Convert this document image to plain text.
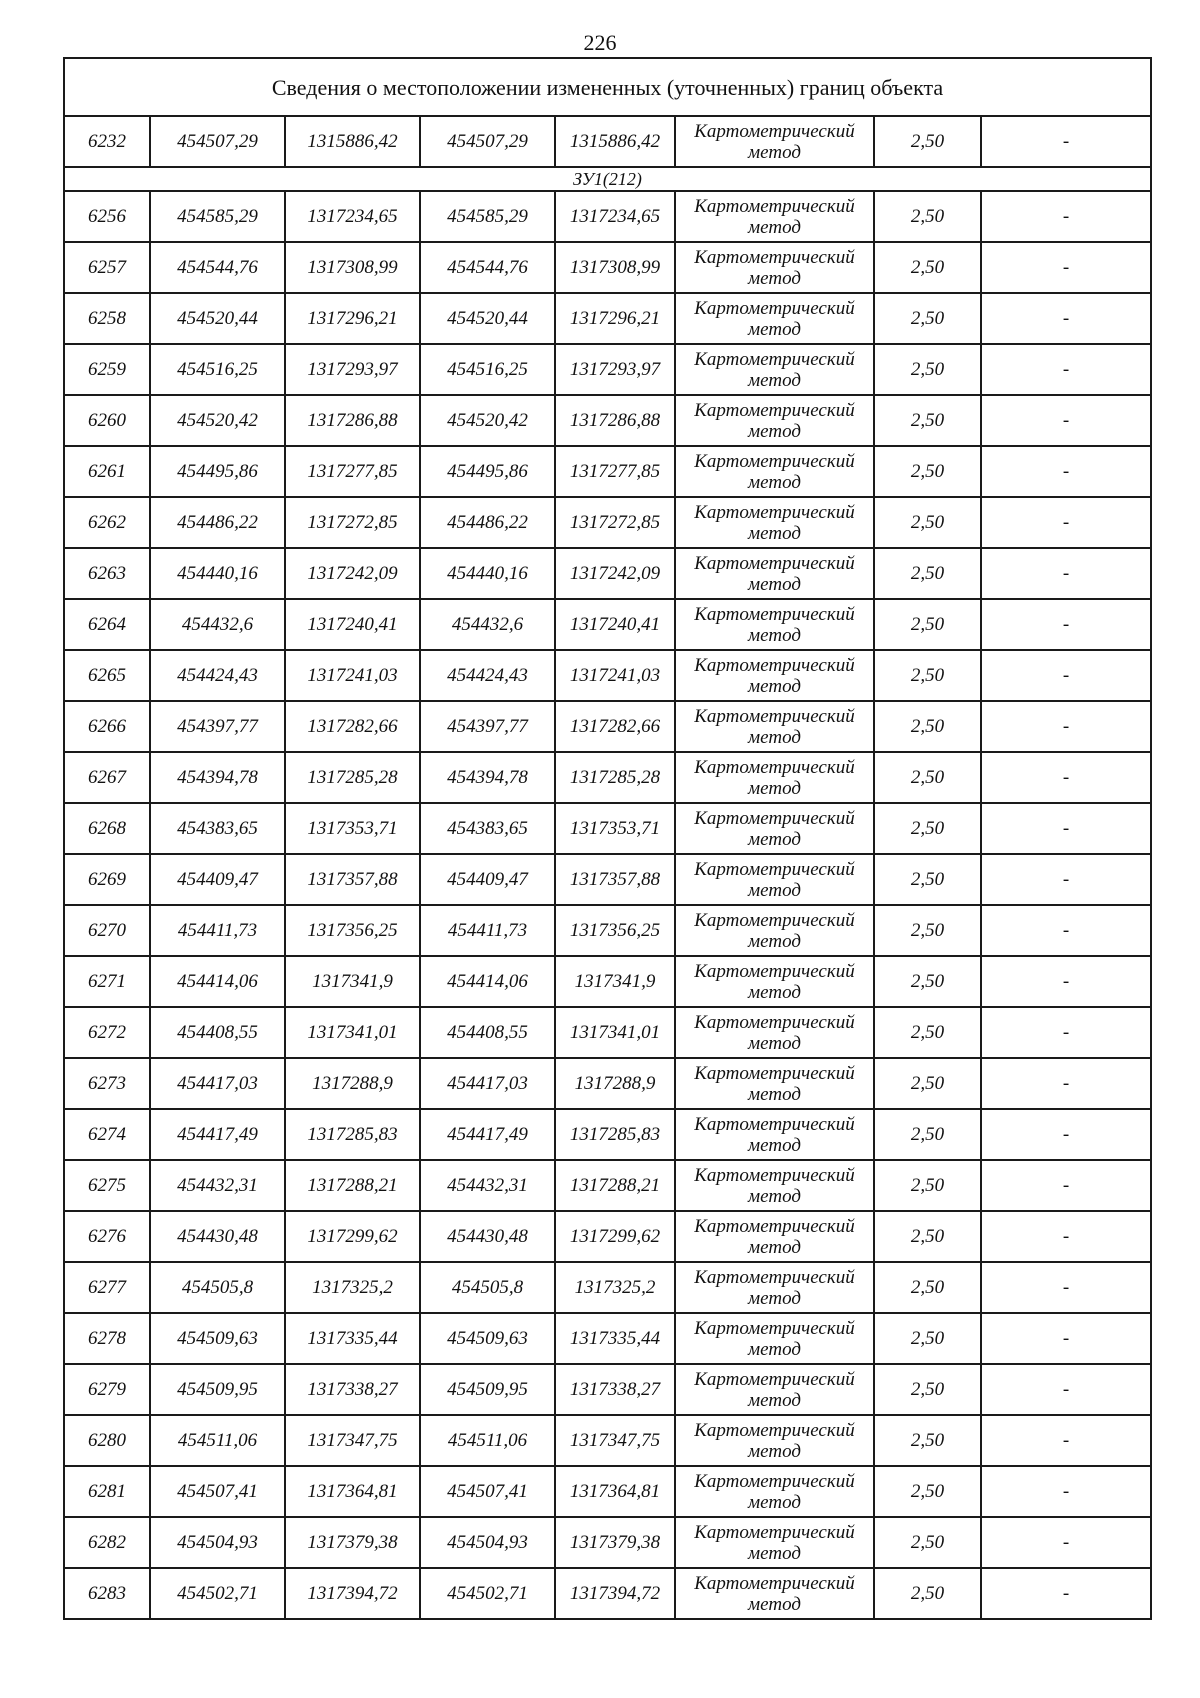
226
Сведения о местоположении измененных (уточненных) границ объекта							
6232	454507,29	1315886,42	454507,29	1315886,42	Картометрический метод	2,50	-
ЗУ1(212)							
6256	454585,29	1317234,65	454585,29	1317234,65	Картометрический метод	2,50	-
6257	454544,76	1317308,99	454544,76	1317308,99	Картометрический метод	2,50	-
6258	454520,44	1317296,21	454520,44	1317296,21	Картометрический метод	2,50	-
6259	454516,25	1317293,97	454516,25	1317293,97	Картометрический метод	2,50	-
6260	454520,42	1317286,88	454520,42	1317286,88	Картометрический метод	2,50	-
6261	454495,86	1317277,85	454495,86	1317277,85	Картометрический метод	2,50	-
6262	454486,22	1317272,85	454486,22	1317272,85	Картометрический метод	2,50	-
6263	454440,16	1317242,09	454440,16	1317242,09	Картометрический метод	2,50	-
6264	454432,6	1317240,41	454432,6	1317240,41	Картометрический метод	2,50	-
6265	454424,43	1317241,03	454424,43	1317241,03	Картометрический метод	2,50	-
6266	454397,77	1317282,66	454397,77	1317282,66	Картометрический метод	2,50	-
6267	454394,78	1317285,28	454394,78	1317285,28	Картометрический метод	2,50	-
6268	454383,65	1317353,71	454383,65	1317353,71	Картометрический метод	2,50	-
6269	454409,47	1317357,88	454409,47	1317357,88	Картометрический метод	2,50	-
6270	454411,73	1317356,25	454411,73	1317356,25	Картометрический метод	2,50	-
6271	454414,06	1317341,9	454414,06	1317341,9	Картометрический метод	2,50	-
6272	454408,55	1317341,01	454408,55	1317341,01	Картометрический метод	2,50	-
6273	454417,03	1317288,9	454417,03	1317288,9	Картометрический метод	2,50	-
6274	454417,49	1317285,83	454417,49	1317285,83	Картометрический метод	2,50	-
6275	454432,31	1317288,21	454432,31	1317288,21	Картометрический метод	2,50	-
6276	454430,48	1317299,62	454430,48	1317299,62	Картометрический метод	2,50	-
6277	454505,8	1317325,2	454505,8	1317325,2	Картометрический метод	2,50	-
6278	454509,63	1317335,44	454509,63	1317335,44	Картометрический метод	2,50	-
6279	454509,95	1317338,27	454509,95	1317338,27	Картометрический метод	2,50	-
6280	454511,06	1317347,75	454511,06	1317347,75	Картометрический метод	2,50	-
6281	454507,41	1317364,81	454507,41	1317364,81	Картометрический метод	2,50	-
6282	454504,93	1317379,38	454504,93	1317379,38	Картометрический метод	2,50	-
6283	454502,71	1317394,72	454502,71	1317394,72	Картометрический метод	2,50	-
